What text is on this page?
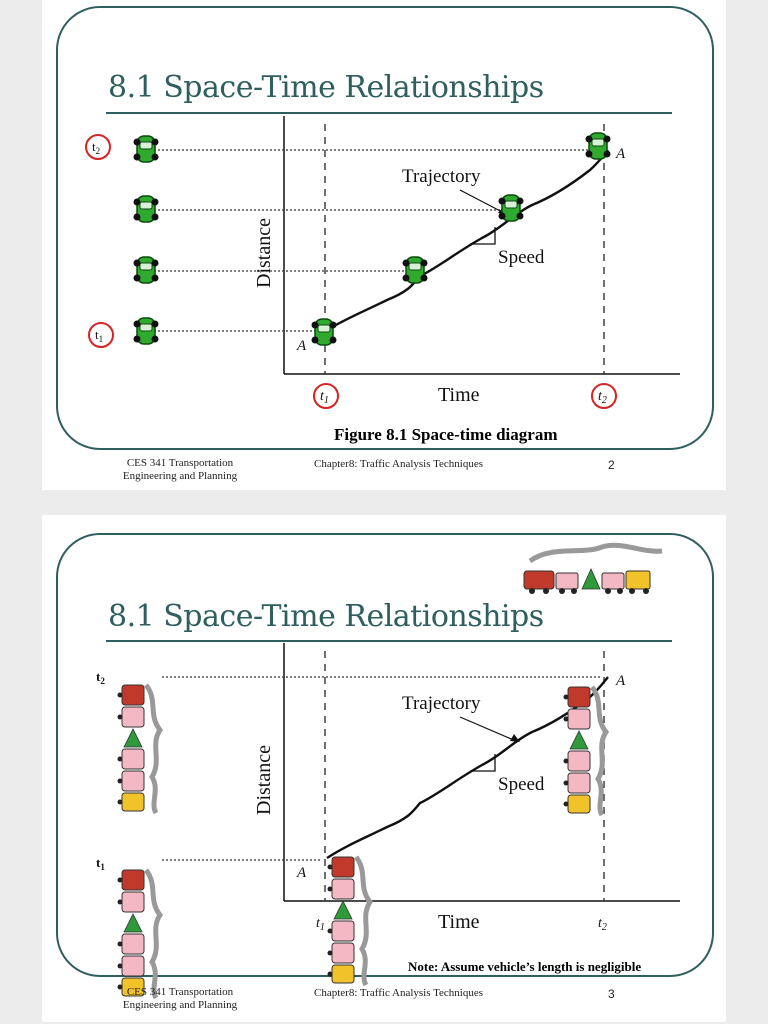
8.1 Space-Time Relationships
$t_2$
$t_1$
$t_1$	$t_2$
Time
Distance
Trajectory
Speed
A
A
Figure 8.1 Space-time diagram
CES 341 Transportation
Engineering and Planning
Chapter8: Traffic Analysis Techniques	2
8.1 Space-Time Relationships
$t_2$
$t_1$
$t_1$	$t_2$
Time
Distance
Trajectory
Speed
A
A
Note: Assume vehicle’s length is negligible
CES 341 Transportation
Engineering and Planning
Chapter8: Traffic Analysis Techniques	3
